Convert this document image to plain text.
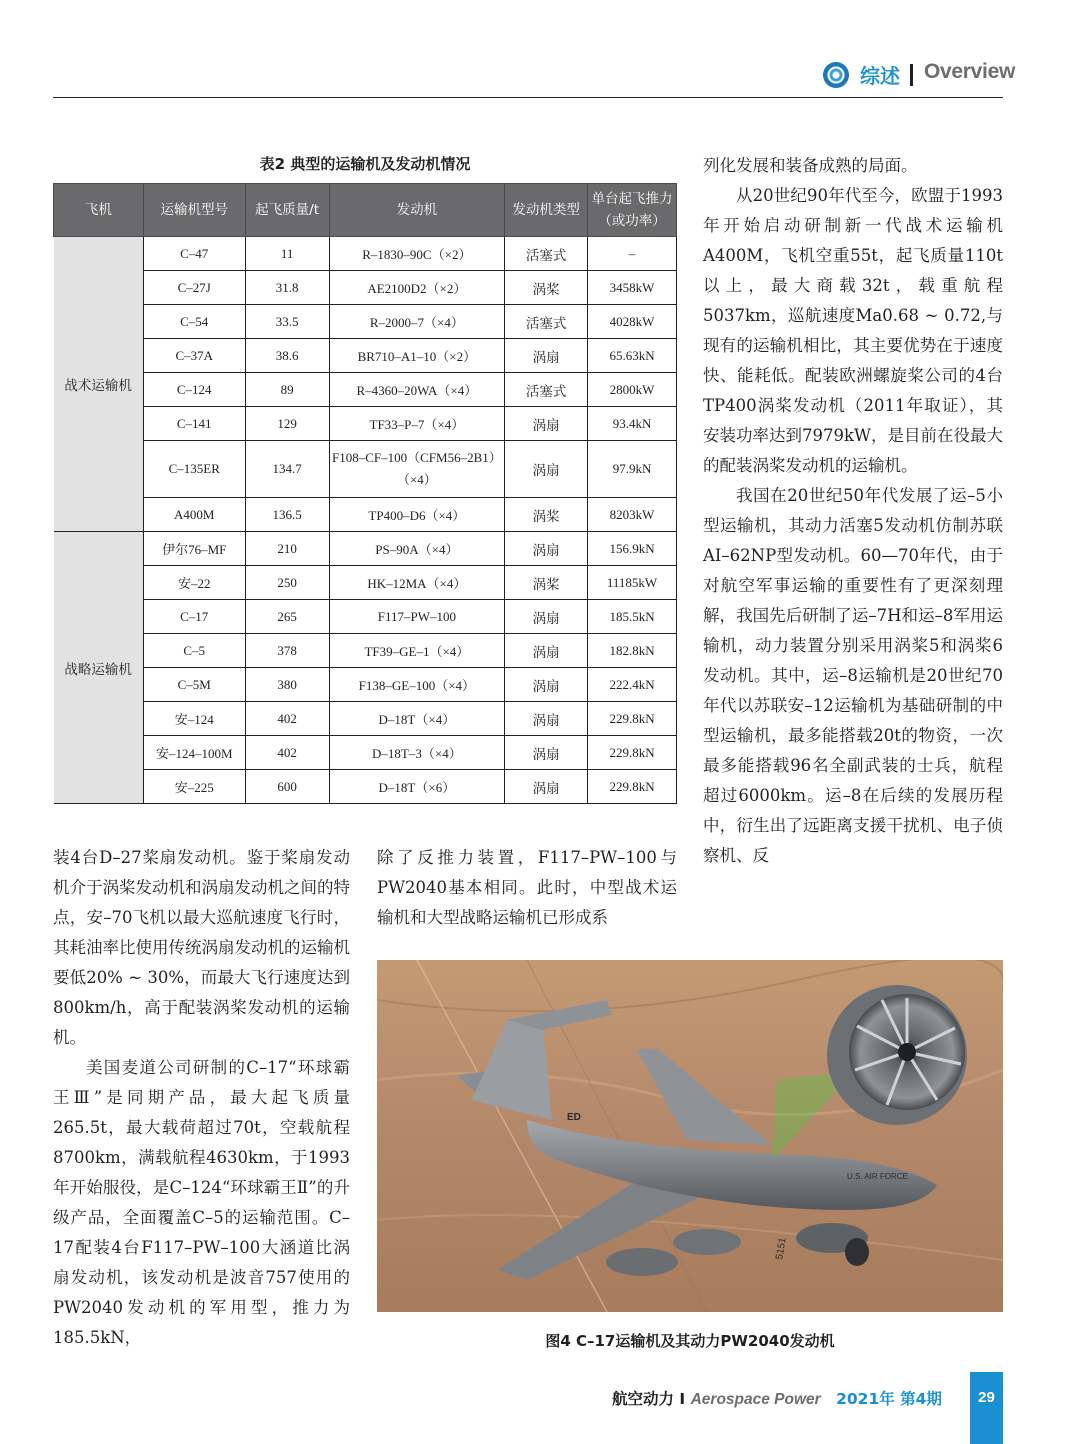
综述 Overview
表2 典型的运输机及发动机情况
飞机	运输机型号	起飞质量/t	发动机	发动机类型	单台起飞推力（或功率）
战术运输机	C–47	11	R–1830–90C（×2）	活塞式	–
	C–27J	31.8	AE2100D2（×2）	涡桨	3458kW
	C–54	33.5	R–2000–7（×4）	活塞式	4028kW
	C–37A	38.6	BR710–A1–10（×2）	涡扇	65.63kN
	C–124	89	R–4360–20WA（×4）	活塞式	2800kW
	C–141	129	TF33–P–7（×4）	涡扇	93.4kN
	C–135ER	134.7	F108–CF–100（CFM56–2B1）（×4）	涡扇	97.9kN
	A400M	136.5	TP400–D6（×4）	涡桨	8203kW
战略运输机	伊尔76–MF	210	PS–90A（×4）	涡扇	156.9kN
	安–22	250	HK–12MA（×4）	涡桨	11185kW
	C–17	265	F117–PW–100	涡扇	185.5kN
	C–5	378	TF39–GE–1（×4）	涡扇	182.8kN
	C–5M	380	F138–GE–100（×4）	涡扇	222.4kN
	安–124	402	D–18T（×4）	涡扇	229.8kN
	安–124–100M	402	D–18T–3（×4）	涡扇	229.8kN
	安–225	600	D–18T（×6）	涡扇	229.8kN

列化发展和装备成熟的局面。

从20世纪90年代至今，欧盟于1993年开始启动研制新一代战术运输机A400M，飞机空重55t，起飞质量110t以上，最大商载32t，载重航程5037km，巡航速度Ma0.68 ~ 0.72,与现有的运输机相比，其主要优势在于速度快、能耗低。配装欧洲螺旋桨公司的4台TP400涡桨发动机（2011年取证），其安装功率达到7979kW，是目前在役最大的配装涡桨发动机的运输机。

我国在20世纪50年代发展了运–5小型运输机，其动力活塞5发动机仿制苏联AI–62NP型发动机。60—70年代，由于对航空军事运输的重要性有了更深刻理解，我国先后研制了运–7H和运–8军用运输机，动力装置分别采用涡桨5和涡桨6发动机。其中，运–8运输机是20世纪70年代以苏联安–12运输机为基础研制的中型运输机，最多能搭载20t的物资，一次最多能搭载96名全副武装的士兵，航程超过6000km。运–8在后续的发展历程中，衍生出了远距离支援干扰机、电子侦察机、反

装4台D–27桨扇发动机。鉴于桨扇发动机介于涡桨发动机和涡扇发动机之间的特点，安–70飞机以最大巡航速度飞行时，其耗油率比使用传统涡扇发动机的运输机要低20% ~ 30%，而最大飞行速度达到800km/h，高于配装涡桨发动机的运输机。

美国麦道公司研制的C–17“环球霸王Ⅲ”是同期产品，最大起飞质量265.5t，最大载荷超过70t，空载航程8700km，满载航程4630km，于1993年开始服役，是C–124“环球霸王Ⅱ”的升级产品，全面覆盖C–5的运输范围。C–17配装4台F117–PW–100大涵道比涡扇发动机，该发动机是波音757使用的PW2040发动机的军用型，推力为185.5kN，

除了反推力装置，F117–PW–100与PW2040基本相同。此时，中型战术运输机和大型战略运输机已形成系

U.S. AIR FORCE
ED
5151
图4 C–17运输机及其动力PW2040发动机
航空动力 I Aerospace Power 2021年 第4期	29
